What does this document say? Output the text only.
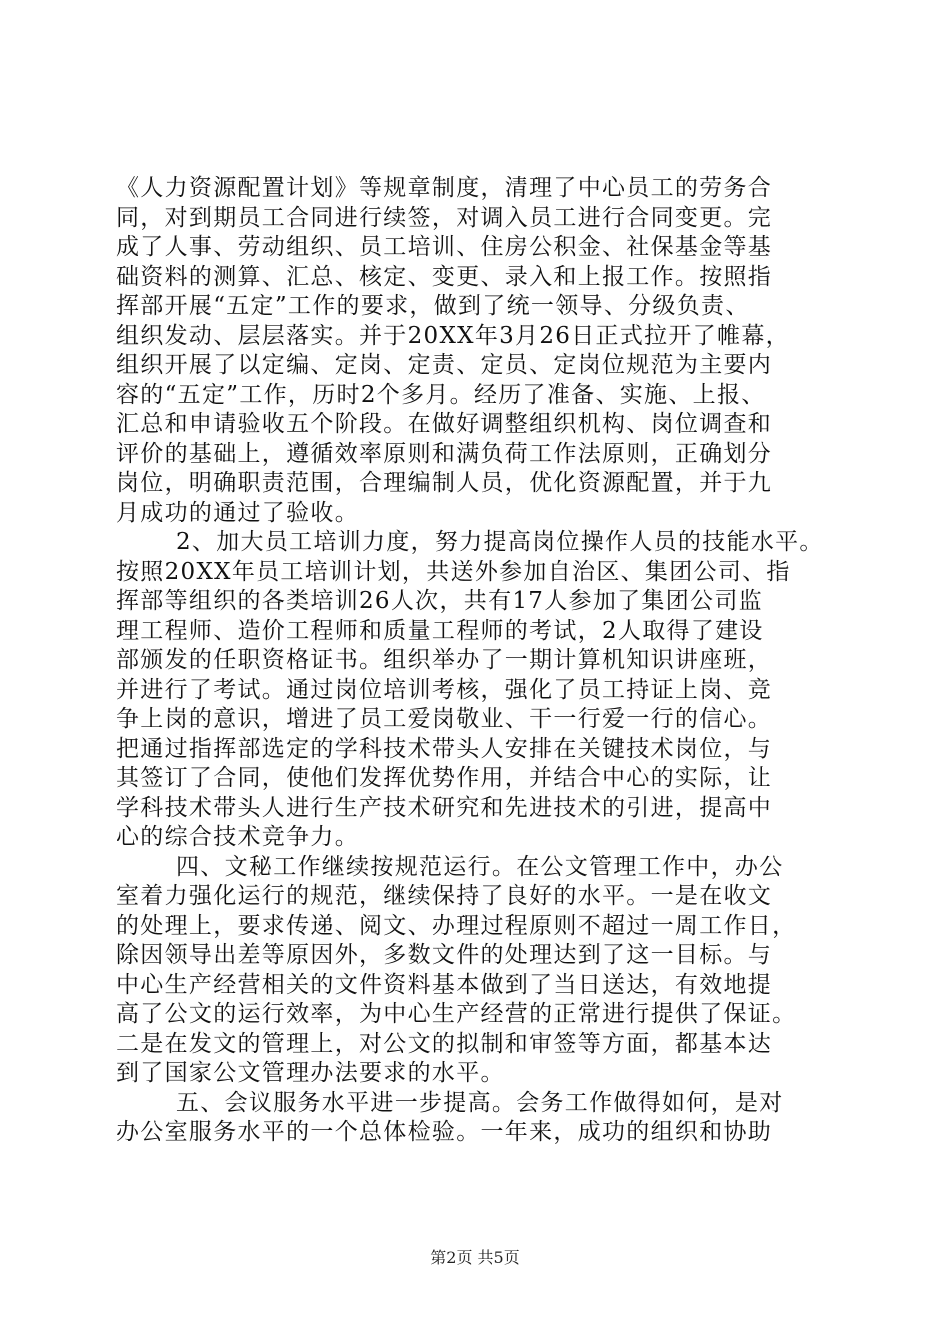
《人力资源配置计划》等规章制度，清理了中心员工的劳务合
同，对到期员工合同进行续签，对调入员工进行合同变更。完
成了人事、劳动组织、员工培训、住房公积金、社保基金等基
础资料的测算、汇总、核定、变更、录入和上报工作。按照指
挥部开展“五定”工作的要求，做到了统一领导、分级负责、
组织发动、层层落实。并于20XX年3月26日正式拉开了帷幕，
组织开展了以定编、定岗、定责、定员、定岗位规范为主要内
容的“五定”工作，历时2个多月。经历了准备、实施、上报、
汇总和申请验收五个阶段。在做好调整组织机构、岗位调查和
评价的基础上，遵循效率原则和满负荷工作法原则，正确划分
岗位，明确职责范围，合理编制人员，优化资源配置，并于九
月成功的通过了验收。
2、加大员工培训力度，努力提高岗位操作人员的技能水平。
按照20XX年员工培训计划，共送外参加自治区、集团公司、指
挥部等组织的各类培训26人次，共有17人参加了集团公司监
理工程师、造价工程师和质量工程师的考试，2人取得了建设
部颁发的任职资格证书。组织举办了一期计算机知识讲座班，
并进行了考试。通过岗位培训考核，强化了员工持证上岗、竞
争上岗的意识，增进了员工爱岗敬业、干一行爱一行的信心。
把通过指挥部选定的学科技术带头人安排在关键技术岗位，与
其签订了合同，使他们发挥优势作用，并结合中心的实际，让
学科技术带头人进行生产技术研究和先进技术的引进，提高中
心的综合技术竞争力。
四、文秘工作继续按规范运行。在公文管理工作中，办公
室着力强化运行的规范，继续保持了良好的水平。一是在收文
的处理上，要求传递、阅文、办理过程原则不超过一周工作日，
除因领导出差等原因外，多数文件的处理达到了这一目标。与
中心生产经营相关的文件资料基本做到了当日送达，有效地提
高了公文的运行效率，为中心生产经营的正常进行提供了保证。
二是在发文的管理上，对公文的拟制和审签等方面，都基本达
到了国家公文管理办法要求的水平。
五、会议服务水平进一步提高。会务工作做得如何，是对
办公室服务水平的一个总体检验。一年来，成功的组织和协助
第2页 共5页
